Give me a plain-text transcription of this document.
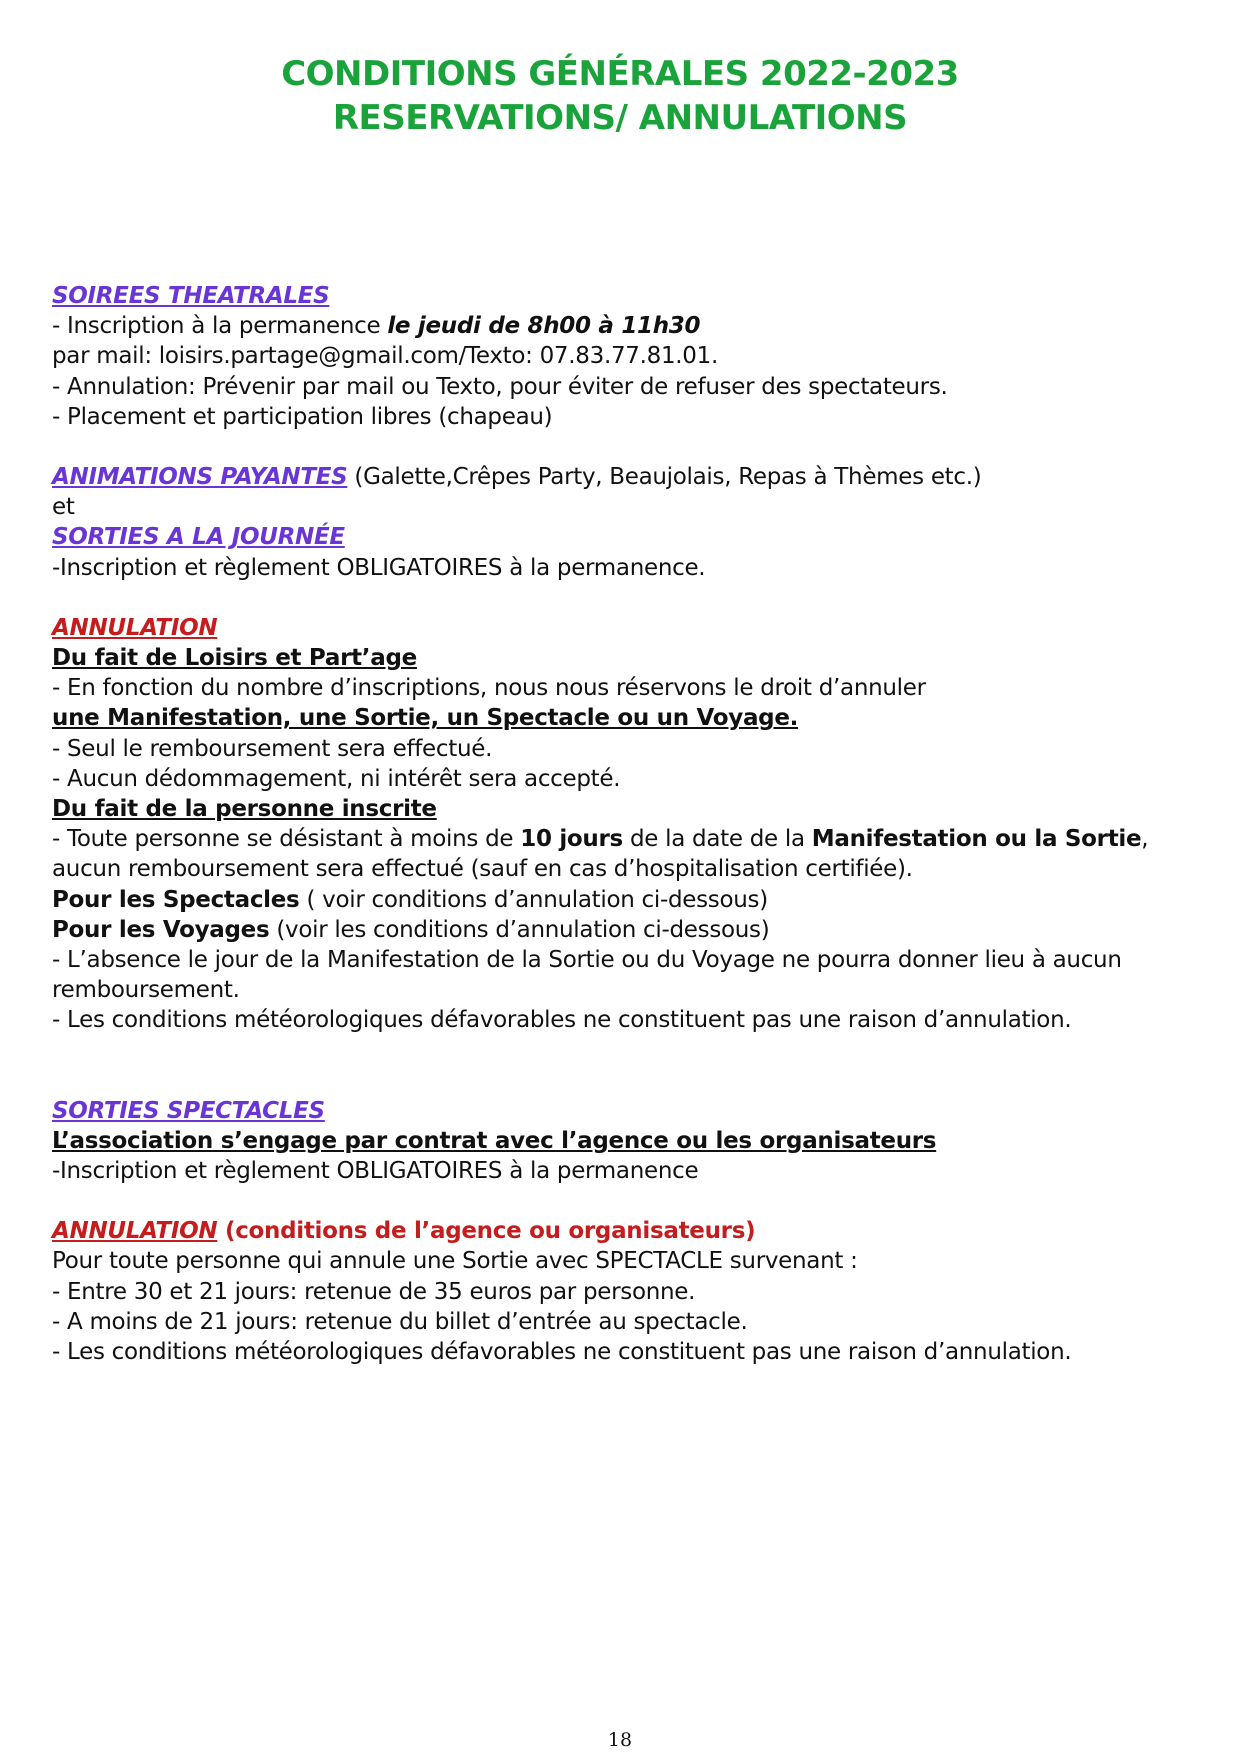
CONDITIONS GÉNÉRALES 2022-2023
RESERVATIONS/ ANNULATIONS
SOIREES THEATRALES
- Inscription à la permanence le jeudi de 8h00 à 11h30
par mail: loisirs.partage@gmail.com/Texto: 07.83.77.81.01.
- Annulation: Prévenir par mail ou Texto, pour éviter de refuser des spectateurs.
- Placement et participation libres (chapeau)
ANIMATIONS PAYANTES (Galette,Crêpes Party, Beaujolais, Repas à Thèmes etc.)
et
SORTIES A LA JOURNÉE
-Inscription et règlement OBLIGATOIRES à la permanence.
ANNULATION
Du fait de Loisirs et Part’age
- En fonction du nombre d’inscriptions, nous nous réservons le droit d’annuler
une Manifestation, une Sortie, un Spectacle ou un Voyage.
- Seul le remboursement sera effectué.
- Aucun dédommagement, ni intérêt sera accepté.
Du fait de la personne inscrite
- Toute personne se désistant à moins de 10 jours de la date de la Manifestation ou la Sortie,
aucun remboursement sera effectué (sauf en cas d’hospitalisation certifiée).
Pour les Spectacles ( voir conditions d’annulation ci-dessous)
Pour les Voyages (voir les conditions d’annulation ci-dessous)
- L’absence le jour de la Manifestation de la Sortie ou du Voyage ne pourra donner lieu à aucun
remboursement.
- Les conditions météorologiques défavorables ne constituent pas une raison d’annulation.
SORTIES SPECTACLES
L’association s’engage par contrat avec l’agence ou les organisateurs
-Inscription et règlement OBLIGATOIRES à la permanence
ANNULATION (conditions de l’agence ou organisateurs)
Pour toute personne qui annule une Sortie avec SPECTACLE survenant :
- Entre 30 et 21 jours: retenue de 35 euros par personne.
- A moins de 21 jours: retenue du billet d’entrée au spectacle.
- Les conditions météorologiques défavorables ne constituent pas une raison d’annulation.
18
